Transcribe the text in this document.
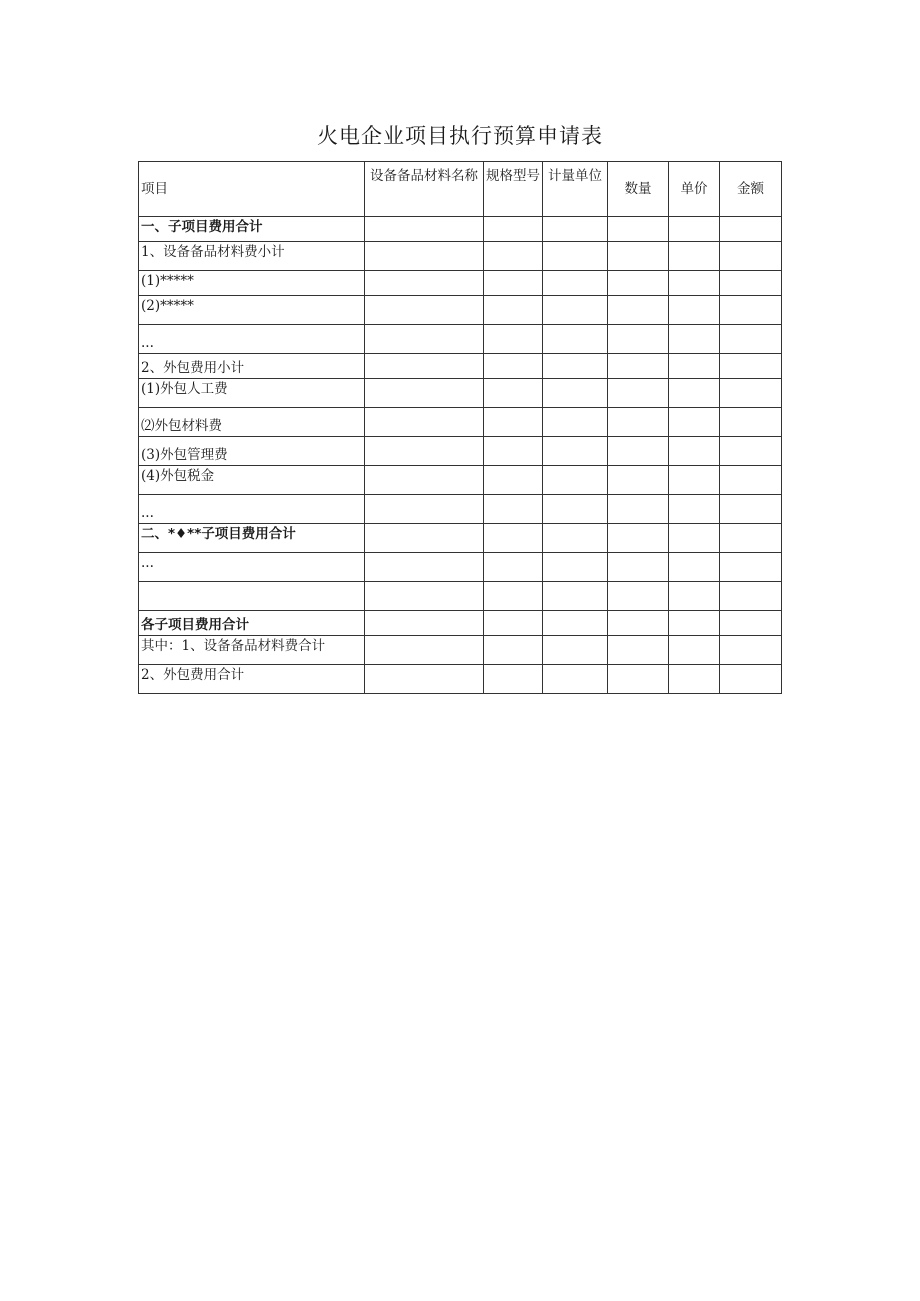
火电企业项目执行预算申请表
项目	设备备品材料名称	规格型号	计量单位	数量	单价	金额
一、子项目费用合计						
1、设备备品材料费小计						
(1)*****						
(2)*****						
...						
2、外包费用小计						
(1)外包人工费						
⑵外包材料费						
(3)外包管理费						
(4)外包税金						
...						
二、*♦**子项目费用合计						
...						

各子项目费用合计						
其中：1、设备备品材料费合计						
2、外包费用合计						
